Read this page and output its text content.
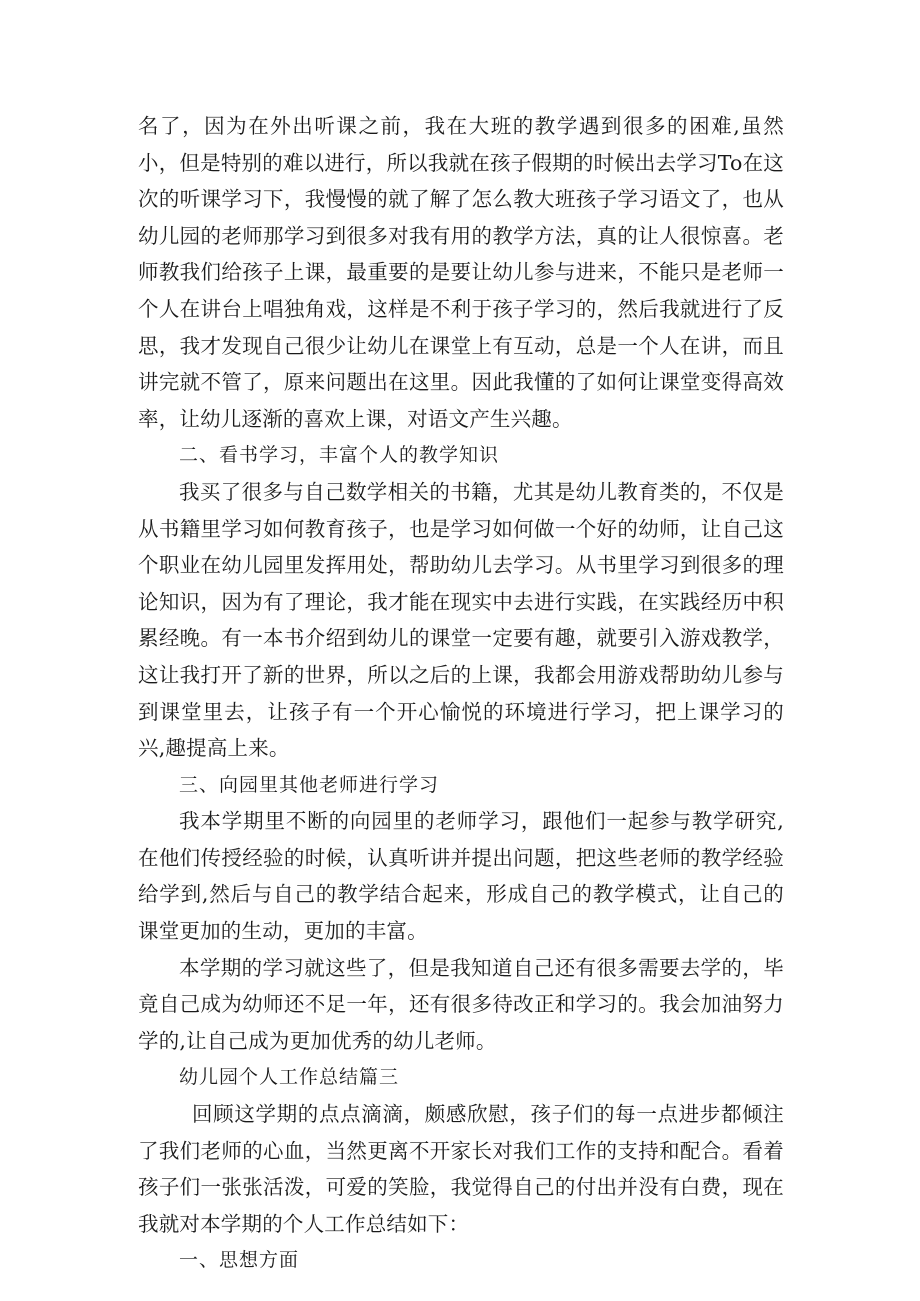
名了，因为在外出听课之前，我在大班的教学遇到很多的困难,虽然小，但是特别的难以进行，所以我就在孩子假期的时候出去学习To在这次的听课学习下，我慢慢的就了解了怎么教大班孩子学习语文了，也从幼儿园的老师那学习到很多对我有用的教学方法，真的让人很惊喜。老师教我们给孩子上课，最重要的是要让幼儿参与进来，不能只是老师一个人在讲台上唱独角戏，这样是不利于孩子学习的，然后我就进行了反思，我才发现自己很少让幼儿在课堂上有互动，总是一个人在讲，而且讲完就不管了，原来问题出在这里。因此我懂的了如何让课堂变得高效率，让幼儿逐渐的喜欢上课，对语文产生兴趣。

二、看书学习，丰富个人的教学知识

我买了很多与自己数学相关的书籍，尤其是幼儿教育类的，不仅是从书籍里学习如何教育孩子，也是学习如何做一个好的幼师，让自己这个职业在幼儿园里发挥用处，帮助幼儿去学习。从书里学习到很多的理论知识，因为有了理论，我才能在现实中去进行实践，在实践经历中积累经晚。有一本书介绍到幼儿的课堂一定要有趣，就要引入游戏教学，这让我打开了新的世界，所以之后的上课，我都会用游戏帮助幼儿参与到课堂里去，让孩子有一个开心愉悦的环境进行学习，把上课学习的兴,趣提高上来。

三、向园里其他老师进行学习

我本学期里不断的向园里的老师学习，跟他们一起参与教学研究,在他们传授经验的时候，认真听讲并提出问题，把这些老师的教学经验给学到,然后与自己的教学结合起来，形成自己的教学模式，让自己的课堂更加的生动，更加的丰富。

本学期的学习就这些了，但是我知道自己还有很多需要去学的，毕竟自己成为幼师还不足一年，还有很多待改正和学习的。我会加油努力学的,让自己成为更加优秀的幼儿老师。

幼儿园个人工作总结篇三

回顾这学期的点点滴滴，颇感欣慰，孩子们的每一点进步都倾注了我们老师的心血，当然更离不开家长对我们工作的支持和配合。看着孩子们一张张活泼，可爱的笑脸，我觉得自己的付出并没有白费，现在我就对本学期的个人工作总结如下：

一、思想方面
